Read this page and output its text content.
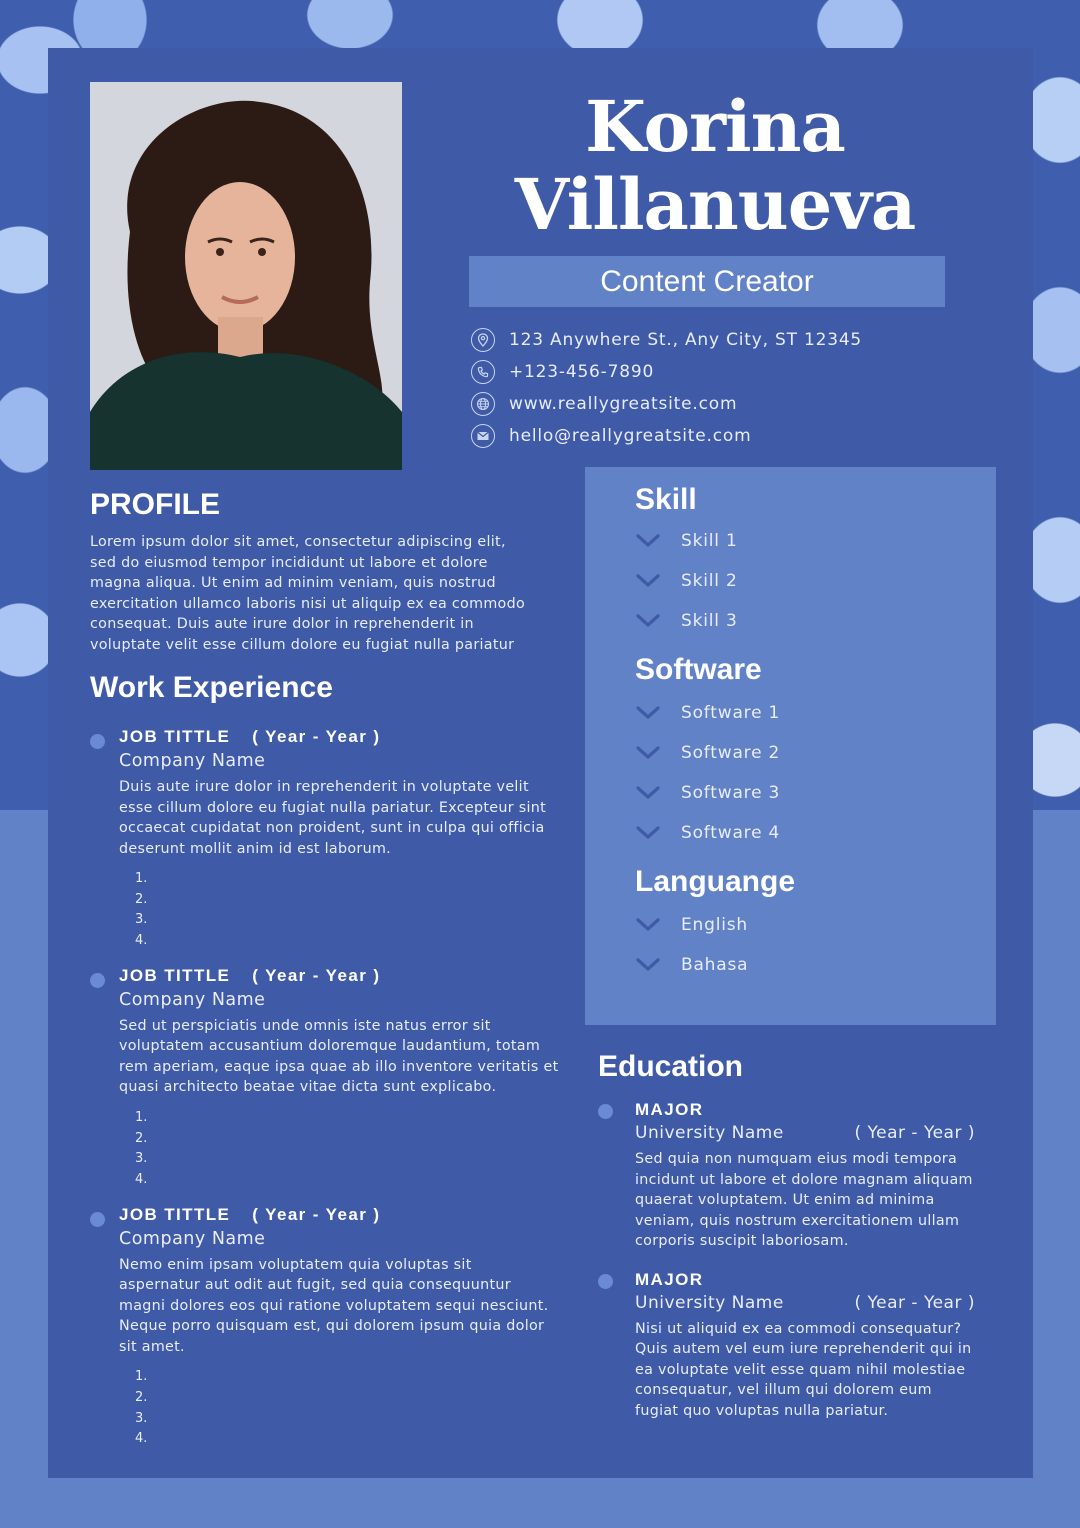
Korina
Villanueva
Content Creator
123 Anywhere St., Any City, ST 12345
+123-456-7890
www.reallygreatsite.com
hello@reallygreatsite.com
PROFILE

Lorem ipsum dolor sit amet, consectetur adipiscing elit, sed do eiusmod tempor incididunt ut labore et dolore magna aliqua. Ut enim ad minim veniam, quis nostrud exercitation ullamco laboris nisi ut aliquip ex ea commodo consequat. Duis aute irure dolor in reprehenderit in voluptate velit esse cillum dolore eu fugiat nulla pariatur

Work Experience
JOB TITTLE ( Year - Year )
Company Name

Duis aute irure dolor in reprehenderit in voluptate velit esse cillum dolore eu fugiat nulla pariatur. Excepteur sint occaecat cupidatat non proident, sunt in culpa qui officia deserunt mollit anim id est laborum.

1.
2.
3.
4.
JOB TITTLE ( Year - Year )
Company Name

Sed ut perspiciatis unde omnis iste natus error sit voluptatem accusantium doloremque laudantium, totam rem aperiam, eaque ipsa quae ab illo inventore veritatis et quasi architecto beatae vitae dicta sunt explicabo.

1.
2.
3.
4.
JOB TITTLE ( Year - Year )
Company Name

Nemo enim ipsam voluptatem quia voluptas sit aspernatur aut odit aut fugit, sed quia consequuntur magni dolores eos qui ratione voluptatem sequi nesciunt. Neque porro quisquam est, qui dolorem ipsum quia dolor sit amet.

1.
2.
3.
4.
Skill
Skill 1
Skill 2
Skill 3
Software
Software 1
Software 2
Software 3
Software 4
Languange
English
Bahasa
Education
MAJOR
University Name	( Year - Year )

Sed quia non numquam eius modi tempora incidunt ut labore et dolore magnam aliquam quaerat voluptatem. Ut enim ad minima veniam, quis nostrum exercitationem ullam corporis suscipit laboriosam.

MAJOR
University Name	( Year - Year )

Nisi ut aliquid ex ea commodi consequatur? Quis autem vel eum iure reprehenderit qui in ea voluptate velit esse quam nihil molestiae consequatur, vel illum qui dolorem eum fugiat quo voluptas nulla pariatur.
